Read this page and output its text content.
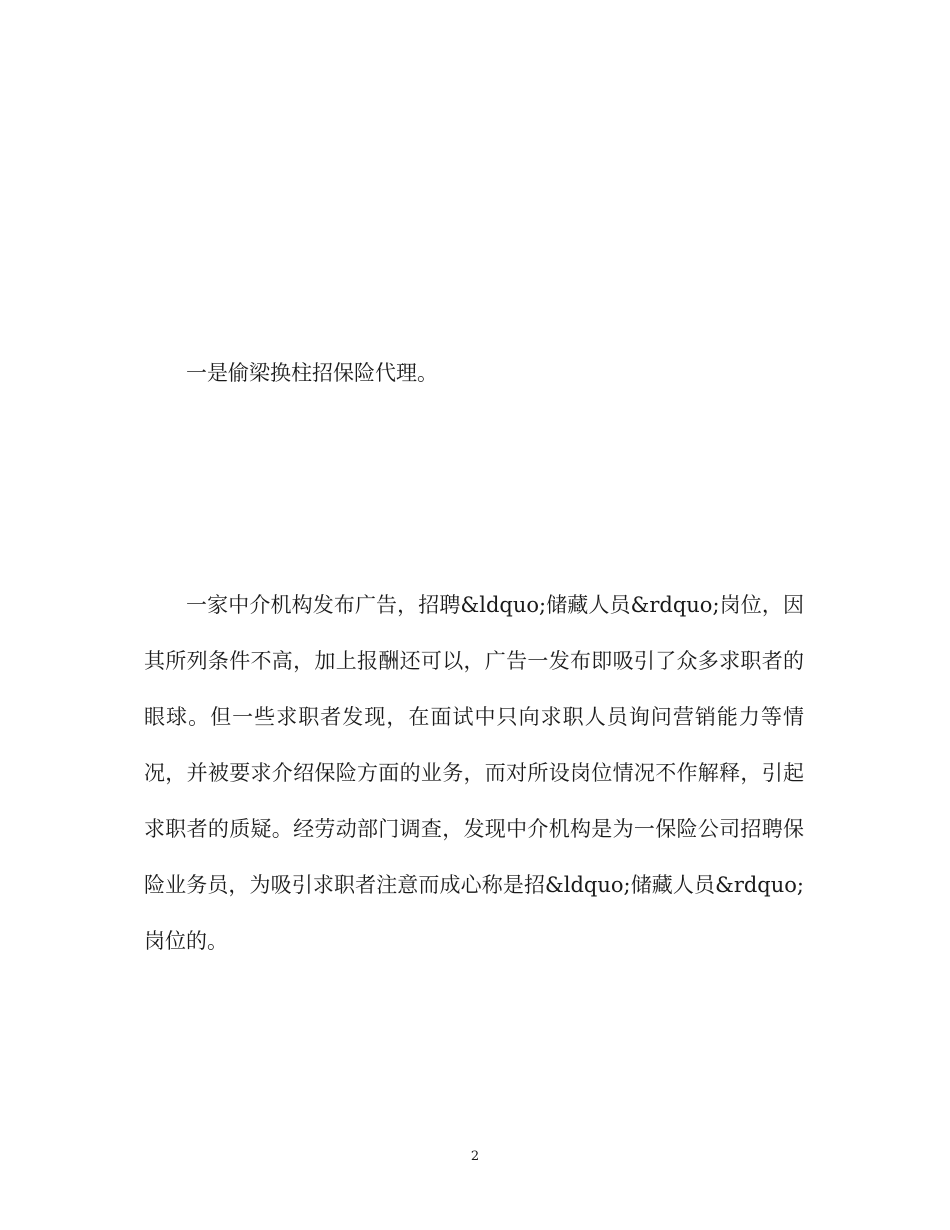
一是偷梁换柱招保险代理。

一家中介机构发布广告，招聘&ldquo;储藏人员&rdquo;岗位，因其所列条件不高，加上报酬还可以，广告一发布即吸引了众多求职者的眼球。但一些求职者发现，在面试中只向求职人员询问营销能力等情况，并被要求介绍保险方面的业务，而对所设岗位情况不作解释，引起求职者的质疑。经劳动部门调查，发现中介机构是为一保险公司招聘保险业务员，为吸引求职者注意而成心称是招&ldquo;储藏人员&rdquo;岗位的。

2
